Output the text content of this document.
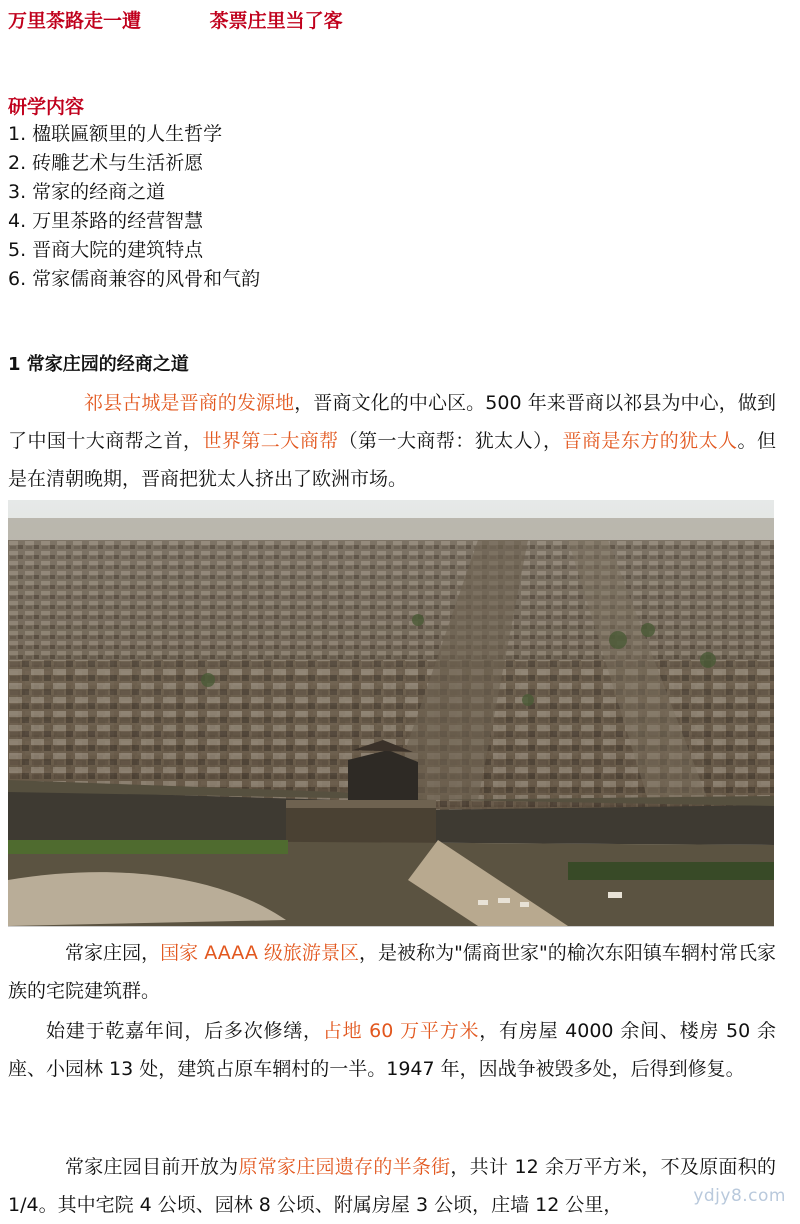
万里茶路走一遭	茶票庄里当了客
研学内容
1. 楹联匾额里的人生哲学
2. 砖雕艺术与生活祈愿
3. 常家的经商之道
4. 万里茶路的经营智慧
5. 晋商大院的建筑特点
6. 常家儒商兼容的风骨和气韵
1 常家庄园的经商之道

祁县古城是晋商的发源地，晋商文化的中心区。500 年来晋商以祁县为中心，做到了中国十大商帮之首，世界第二大商帮（第一大商帮：犹太人），晋商是东方的犹太人。但是在清朝晚期，晋商把犹太人挤出了欧洲市场。

常家庄园，国家 AAAA 级旅游景区，是被称为"儒商世家"的榆次东阳镇车辋村常氏家族的宅院建筑群。

始建于乾嘉年间，后多次修缮，占地 60 万平方米，有房屋 4000 余间、楼房 50 余座、小园林 13 处，建筑占原车辋村的一半。1947 年，因战争被毁多处，后得到修复。

常家庄园目前开放为原常家庄园遗存的半条街，共计 12 余万平方米，不及原面积的 1/4。其中宅院 4 公顷、园林 8 公顷、附属房屋 3 公顷，庄墙 12 公里，	ydjy8.com
